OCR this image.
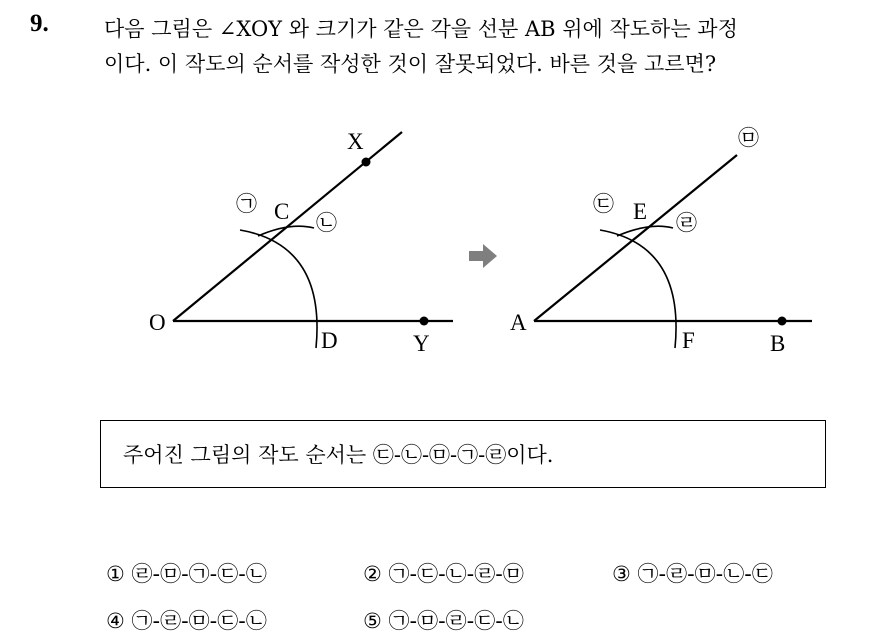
9.	다음 그림은 ∠XOY 와 크기가 같은 각을 선분 AB 위에 작도하는 과정
이다. 이 작도의 순서를 작성한 것이 잘못되었다. 바른 것을 고르면?
O
X
Y
C
D
㉠
㉡
A
B
E
F
㉢
㉣
㉤
주어진 그림의 작도 순서는 ㉢-㉡-㉤-㉠-㉣이다.
① ㉣-㉤-㉠-㉢-㉡	② ㉠-㉢-㉡-㉣-㉤	③ ㉠-㉣-㉤-㉡-㉢
④ ㉠-㉣-㉤-㉢-㉡	⑤ ㉠-㉤-㉣-㉢-㉡
